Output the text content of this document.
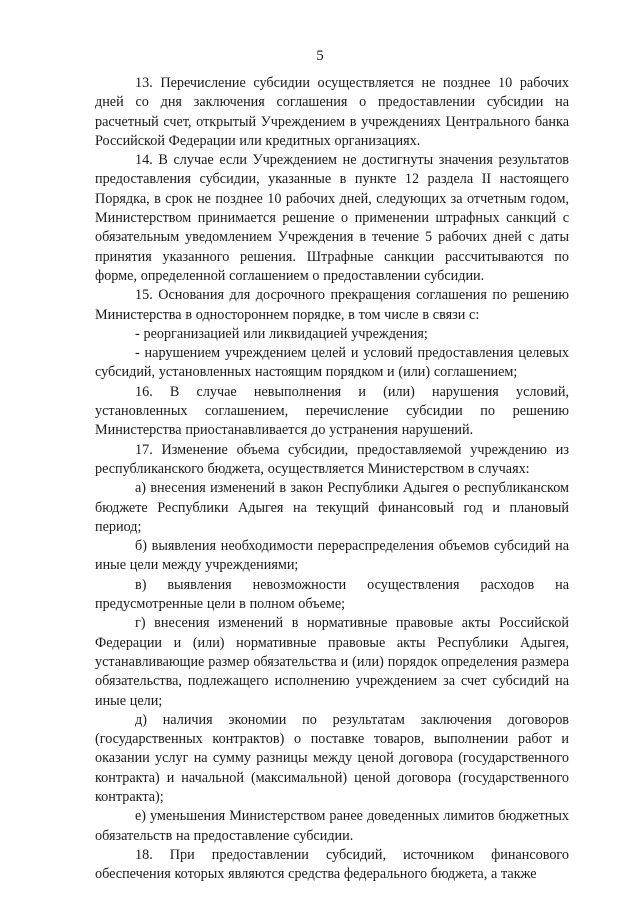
5

13. Перечисление субсидии осуществляется не позднее 10 рабочих дней со дня заключения соглашения о предоставлении субсидии на расчетный счет, открытый Учреждением в учреждениях Центрального банка Российской Федерации или кредитных организациях.

14. В случае если Учреждением не достигнуты значения результатов предоставления субсидии, указанные в пункте 12 раздела II настоящего Порядка, в срок не позднее 10 рабочих дней, следующих за отчетным годом, Министерством принимается решение о применении штрафных санкций с обязательным уведомлением Учреждения в течение 5 рабочих дней с даты принятия указанного решения. Штрафные санкции рассчитываются по форме, определенной соглашением о предоставлении субсидии.

15. Основания для досрочного прекращения соглашения по решению Министерства в одностороннем порядке, в том числе в связи с:

- реорганизацией или ликвидацией учреждения;

- нарушением учреждением целей и условий предоставления целевых субсидий, установленных настоящим порядком и (или) соглашением;

16. В случае невыполнения и (или) нарушения условий, установленных соглашением, перечисление субсидии по решению Министерства приостанавливается до устранения нарушений.

17. Изменение объема субсидии, предоставляемой учреждению из республиканского бюджета, осуществляется Министерством в случаях:

а) внесения изменений в закон Республики Адыгея о республиканском бюджете Республики Адыгея на текущий финансовый год и плановый период;

б) выявления необходимости перераспределения объемов субсидий на иные цели между учреждениями;

в) выявления невозможности осуществления расходов на предусмотренные цели в полном объеме;

г) внесения изменений в нормативные правовые акты Российской Федерации и (или) нормативные правовые акты Республики Адыгея, устанавливающие размер обязательства и (или) порядок определения размера обязательства, подлежащего исполнению учреждением за счет субсидий на иные цели;

д) наличия экономии по результатам заключения договоров (государственных контрактов) о поставке товаров, выполнении работ и оказании услуг на сумму разницы между ценой договора (государственного контракта) и начальной (максимальной) ценой договора (государственного контракта);

е) уменьшения Министерством ранее доведенных лимитов бюджетных обязательств на предоставление субсидии.

18. При предоставлении субсидий, источником финансового обеспечения которых являются средства федерального бюджета, а также
